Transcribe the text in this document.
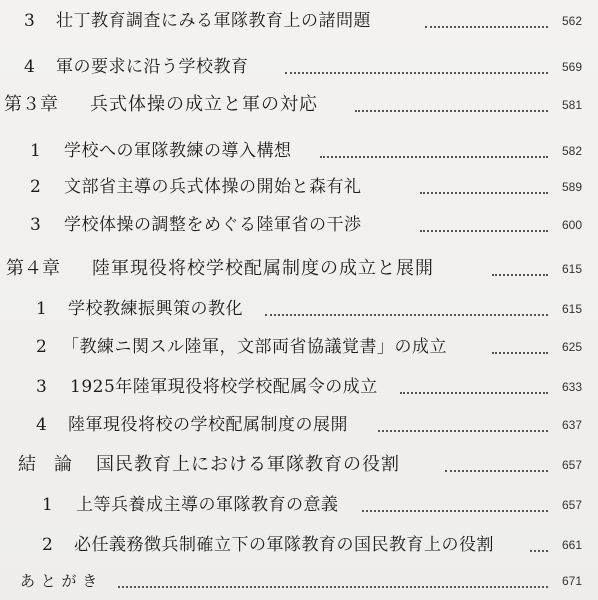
3 壮丁教育調査にみる軍隊教育上の諸問題	562
4 軍の要求に沿う学校教育	569
第３章 兵式体操の成立と軍の対応	581
1 学校への軍隊教練の導入構想	582
2 文部省主導の兵式体操の開始と森有礼	589
3 学校体操の調整をめぐる陸軍省の干渉	600
第４章 陸軍現役将校学校配属制度の成立と展開	615
1 学校教練振興策の教化	615
2 「教練ニ関スル陸軍，文部両省協議覚書」の成立	625
3 1925年陸軍現役将校学校配属令の成立	633
4 陸軍現役将校の学校配属制度の展開	637
結　論 国民教育上における軍隊教育の役割	657
1 上等兵養成主導の軍隊教育の意義	657
2 必任義務徴兵制確立下の軍隊教育の国民教育上の役割	661
あ と が き	671
